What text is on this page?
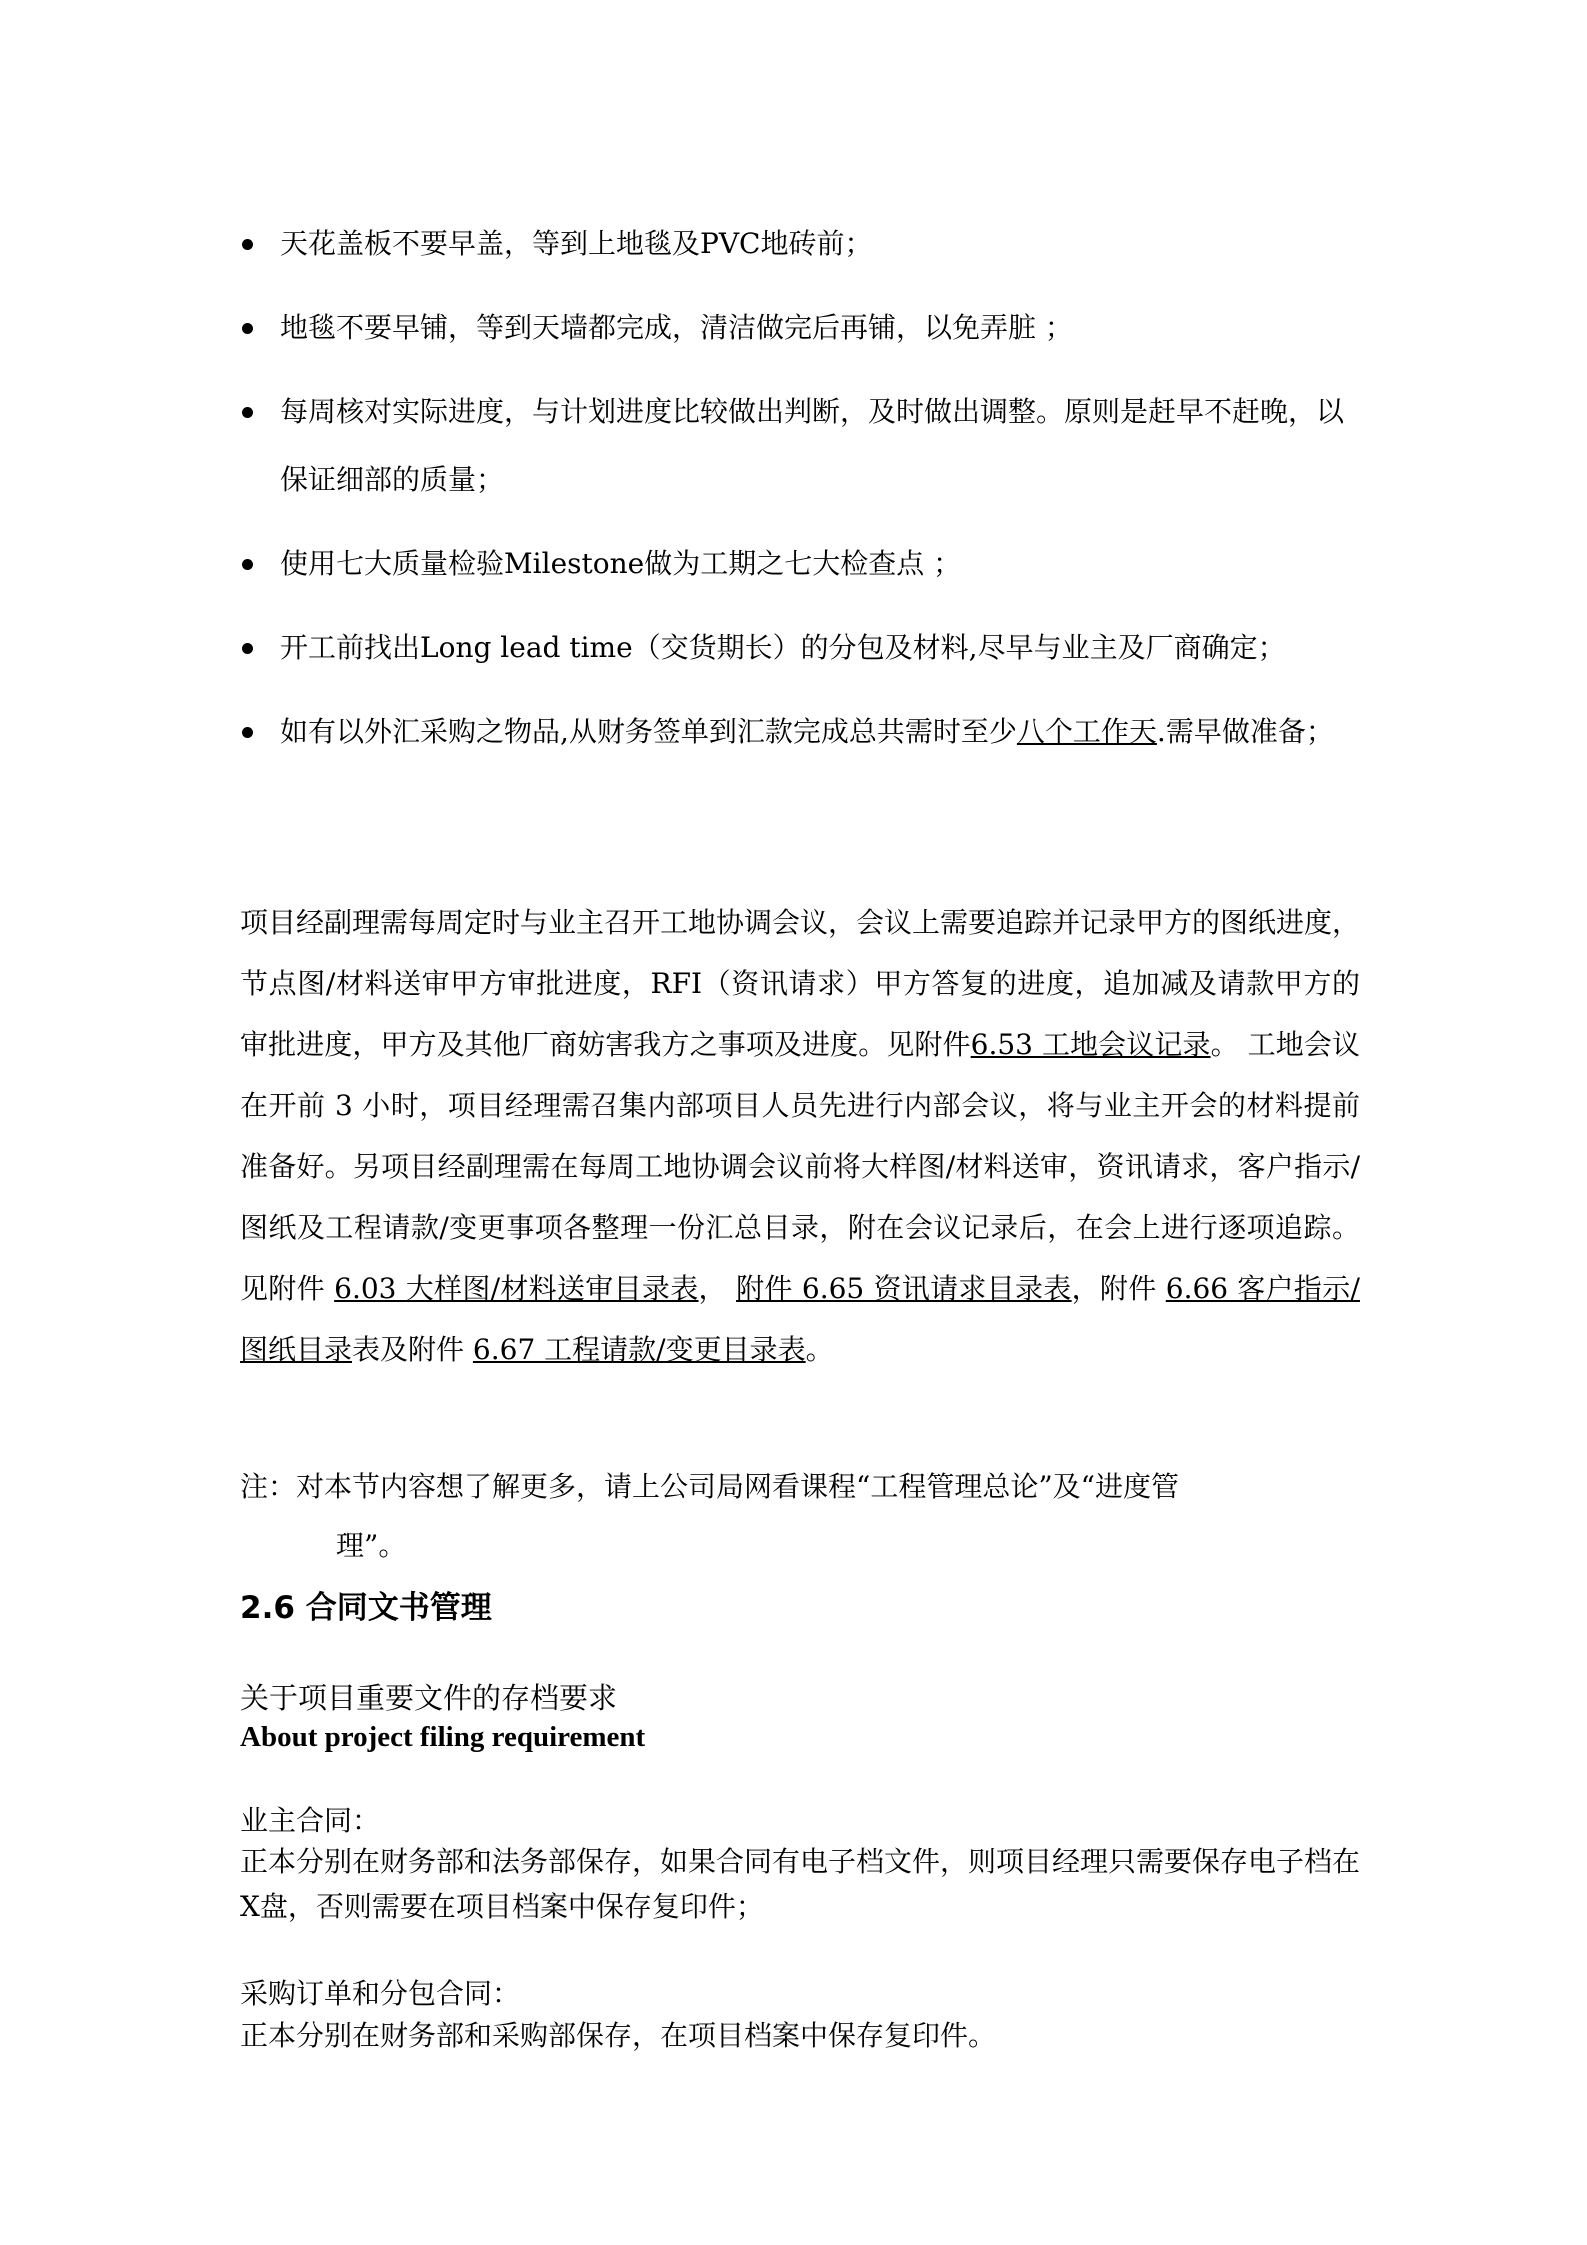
天花盖板不要早盖，等到上地毯及PVC地砖前；
地毯不要早铺，等到天墙都完成，清洁做完后再铺，以免弄脏 ；
每周核对实际进度，与计划进度比较做出判断，及时做出调整。原则是赶早不赶晚，以保证细部的质量；
使用七大质量检验Milestone做为工期之七大检查点 ；
开工前找出Long lead time（交货期长）的分包及材料,尽早与业主及厂商确定；
如有以外汇采购之物品,从财务签单到汇款完成总共需时至少八个工作天.需早做准备；
项目经副理需每周定时与业主召开工地协调会议，会议上需要追踪并记录甲方的图纸进度，节点图/材料送审甲方审批进度，RFI（资讯请求）甲方答复的进度，追加减及请款甲方的审批进度，甲方及其他厂商妨害我方之事项及进度。见附件6.53 工地会议记录。 工地会议在开前 3 小时，项目经理需召集内部项目人员先进行内部会议，将与业主开会的材料提前准备好。另项目经副理需在每周工地协调会议前将大样图/材料送审，资讯请求，客户指示/图纸及工程请款/变更事项各整理一份汇总目录，附在会议记录后，在会上进行逐项追踪。见附件 6.03 大样图/材料送审目录表， 附件 6.65 资讯请求目录表，附件 6.66 客户指示/图纸目录表及附件 6.67 工程请款/变更目录表。
注：对本节内容想了解更多，请上公司局网看课程“工程管理总论”及“进度管
理”。
2.6 合同文书管理
关于项目重要文件的存档要求
About project filing requirement
业主合同：
正本分别在财务部和法务部保存，如果合同有电子档文件，则项目经理只需要保存电子档在X盘，否则需要在项目档案中保存复印件；
采购订单和分包合同：
正本分别在财务部和采购部保存，在项目档案中保存复印件。
